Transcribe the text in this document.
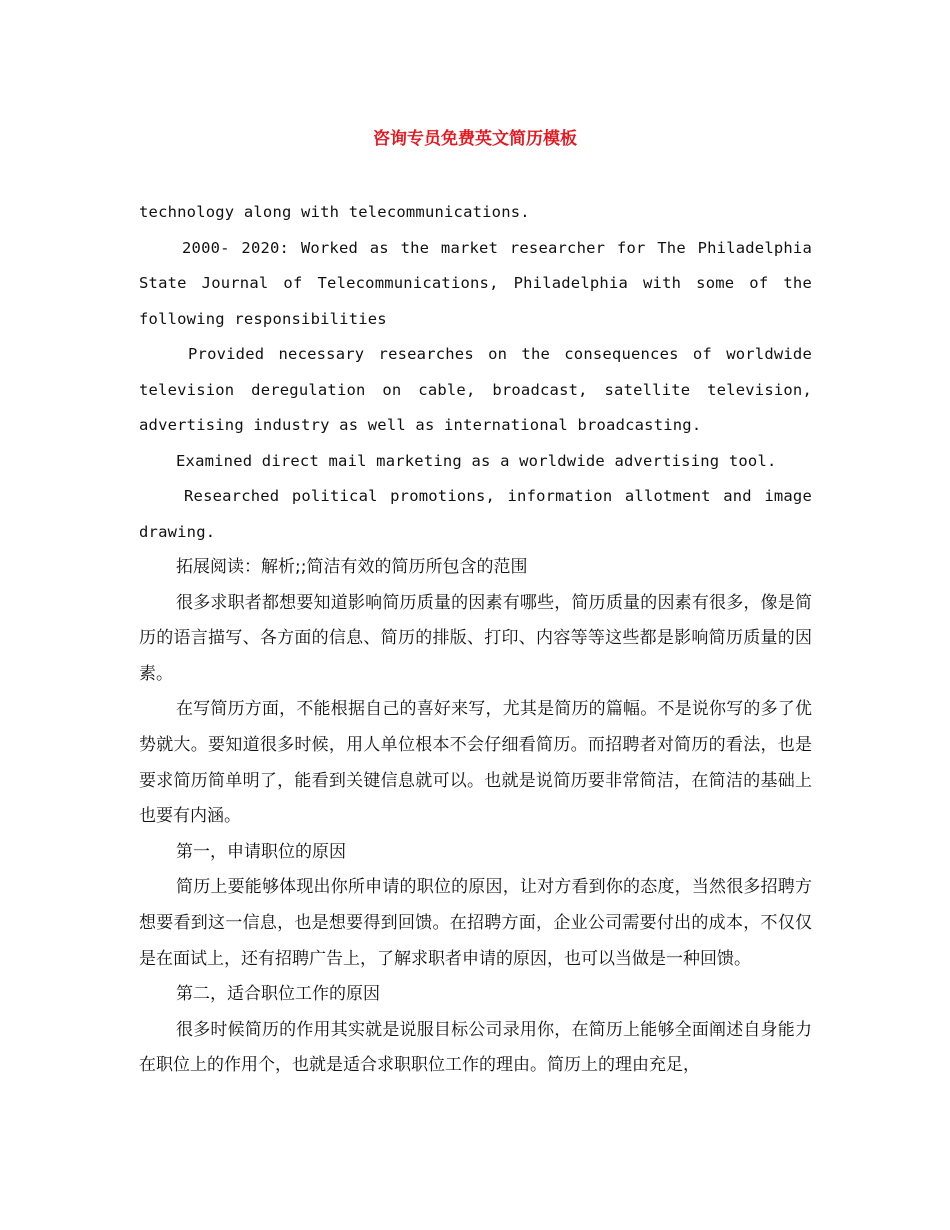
咨询专员免费英文简历模板

technology along with telecommunications.

2000- 2020: Worked as the market researcher for The Philadelphia State Journal of Telecommunications, Philadelphia with some of the following responsibilities

Provided necessary researches on the consequences of worldwide television deregulation on cable, broadcast, satellite television, advertising industry as well as international broadcasting.

Examined direct mail marketing as a worldwide advertising tool.

Researched political promotions, information allotment and image drawing.

拓展阅读：解析;;简洁有效的简历所包含的范围

很多求职者都想要知道影响简历质量的因素有哪些，简历质量的因素有很多，像是简历的语言描写、各方面的信息、简历的排版、打印、内容等等这些都是影响简历质量的因素。

在写简历方面，不能根据自己的喜好来写，尤其是简历的篇幅。不是说你写的多了优势就大。要知道很多时候，用人单位根本不会仔细看简历。而招聘者对简历的看法，也是要求简历简单明了，能看到关键信息就可以。也就是说简历要非常简洁，在简洁的基础上也要有内涵。

第一，申请职位的原因

简历上要能够体现出你所申请的职位的原因，让对方看到你的态度，当然很多招聘方想要看到这一信息，也是想要得到回馈。在招聘方面，企业公司需要付出的成本，不仅仅是在面试上，还有招聘广告上，了解求职者申请的原因，也可以当做是一种回馈。

第二，适合职位工作的原因

很多时候简历的作用其实就是说服目标公司录用你，在简历上能够全面阐述自身能力在职位上的作用个，也就是适合求职职位工作的理由。简历上的理由充足，
